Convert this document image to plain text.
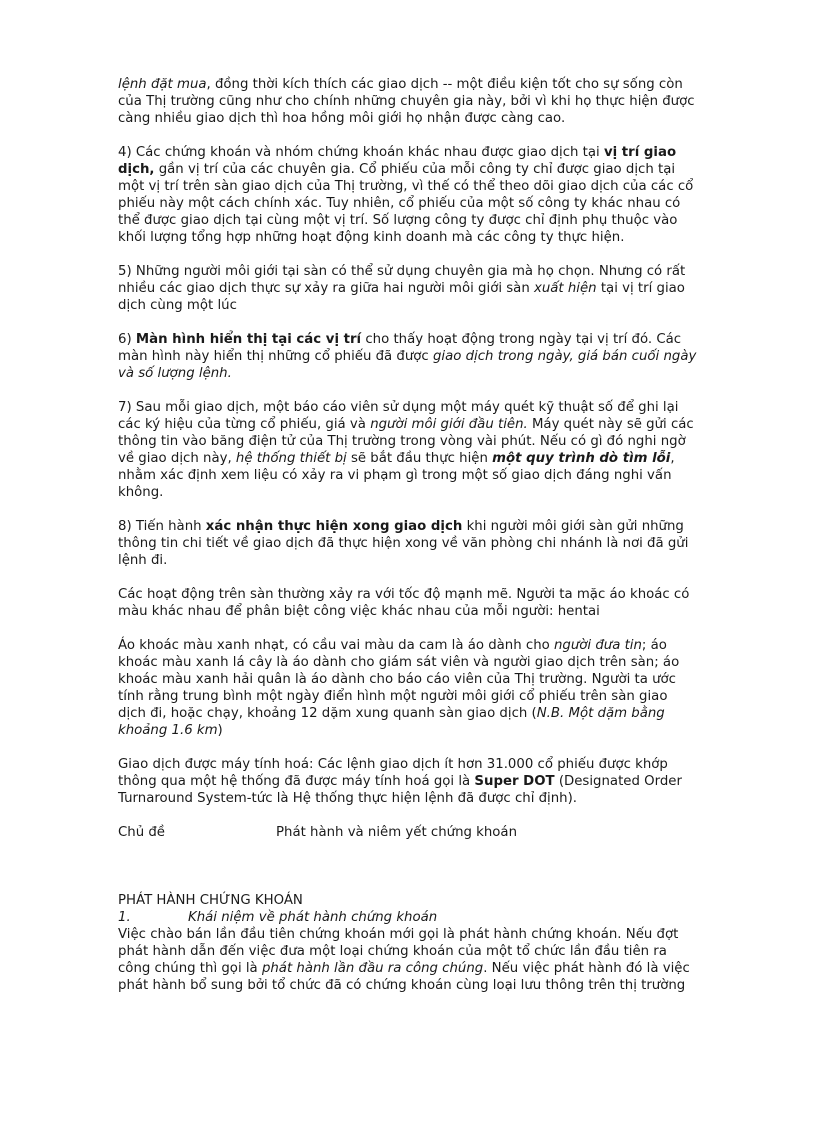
lệnh đặt mua, đồng thời kích thích các giao dịch -- một điều kiện tốt cho sự sống còn của Thị trường cũng như cho chính những chuyên gia này, bởi vì khi họ thực hiện được càng nhiều giao dịch thì hoa hồng môi giới họ nhận được càng cao.

4) Các chứng khoán và nhóm chứng khoán khác nhau được giao dịch tại vị trí giao dịch, gần vị trí của các chuyên gia. Cổ phiếu của mỗi công ty chỉ được giao dịch tại một vị trí trên sàn giao dịch của Thị trường, vì thế có thể theo dõi giao dịch của các cổ phiếu này một cách chính xác. Tuy nhiên, cổ phiếu của một số công ty khác nhau có thể được giao dịch tại cùng một vị trí. Số lượng công ty được chỉ định phụ thuộc vào khối lượng tổng hợp những hoạt động kinh doanh mà các công ty thực hiện.

5) Những người môi giới tại sàn có thể sử dụng chuyên gia mà họ chọn. Nhưng có rất nhiều các giao dịch thực sự xảy ra giữa hai người môi giới sàn xuất hiện tại vị trí giao dịch cùng một lúc

6) Màn hình hiển thị tại các vị trí cho thấy hoạt động trong ngày tại vị trí đó. Các màn hình này hiển thị những cổ phiếu đã được giao dịch trong ngày, giá bán cuối ngày và số lượng lệnh.

7) Sau mỗi giao dịch, một báo cáo viên sử dụng một máy quét kỹ thuật số để ghi lại các ký hiệu của từng cổ phiếu, giá và người môi giới đầu tiên. Máy quét này sẽ gửi các thông tin vào băng điện tử của Thị trường trong vòng vài phút. Nếu có gì đó nghi ngờ về giao dịch này, hệ thống thiết bị sẽ bắt đầu thực hiện một quy trình dò tìm lỗi, nhằm xác định xem liệu có xảy ra vi phạm gì trong một số giao dịch đáng nghi vấn không.

8) Tiến hành xác nhận thực hiện xong giao dịch khi người môi giới sàn gửi những thông tin chi tiết về giao dịch đã thực hiện xong về văn phòng chi nhánh là nơi đã gửi lệnh đi.

Các hoạt động trên sàn thường xảy ra với tốc độ mạnh mẽ. Người ta mặc áo khoác có màu khác nhau để phân biệt công việc khác nhau của mỗi người: hentai

Áo khoác màu xanh nhạt, có cầu vai màu da cam là áo dành cho người đưa tin; áo khoác màu xanh lá cây là áo dành cho giám sát viên và người giao dịch trên sàn; áo khoác màu xanh hải quân là áo dành cho báo cáo viên của Thị trường. Người ta ước tính rằng trung bình một ngày điển hình một người môi giới cổ phiếu trên sàn giao dịch đi, hoặc chạy, khoảng 12 dặm xung quanh sàn giao dịch (N.B. Một dặm bằng khoảng 1.6 km)

Giao dịch được máy tính hoá: Các lệnh giao dịch ít hơn 31.000 cổ phiếu được khớp thông qua một hệ thống đã được máy tính hoá gọi là Super DOT (Designated Order Turnaround System-tức là Hệ thống thực hiện lệnh đã được chỉ định).

Chủ đề	Phát hành và niêm yết chứng khoán
PHÁT HÀNH CHỨNG KHOÁN
1.	Khái niệm về phát hành chứng khoán

Việc chào bán lần đầu tiên chứng khoán mới gọi là phát hành chứng khoán. Nếu đợt phát hành dẫn đến việc đưa một loại chứng khoán của một tổ chức lần đầu tiên ra công chúng thì gọi là phát hành lần đầu ra công chúng. Nếu việc phát hành đó là việc phát hành bổ sung bởi tổ chức đã có chứng khoán cùng loại lưu thông trên thị trường
